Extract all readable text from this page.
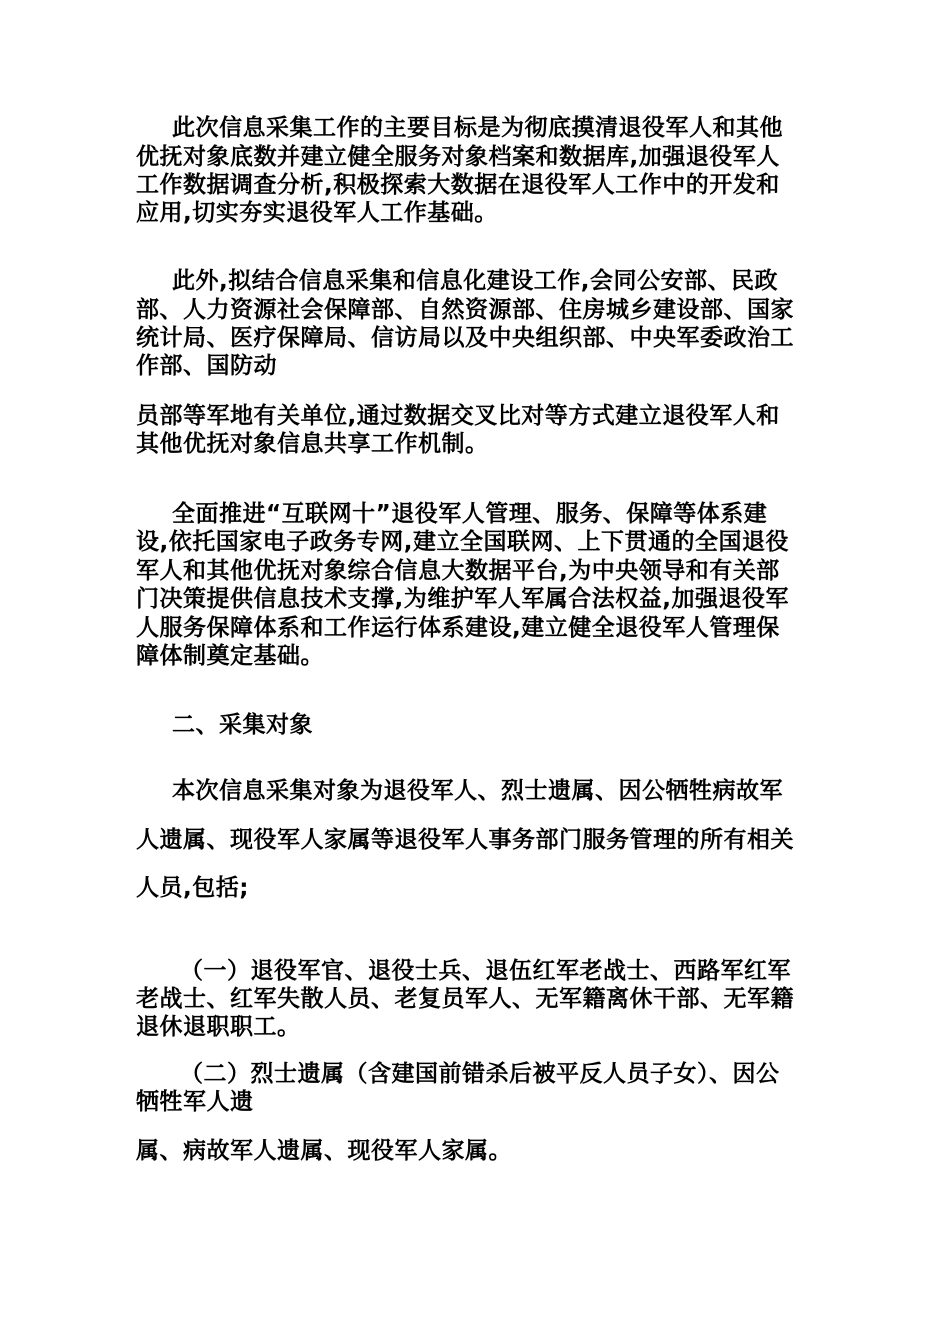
此次信息采集工作的主要目标是为彻底摸清退役军人和其他
优抚对象底数并建立健全服务对象档案和数据库,加强退役军人
工作数据调查分析,积极探索大数据在退役军人工作中的开发和
应用,切实夯实退役军人工作基础。
此外,拟结合信息采集和信息化建设工作,会同公安部、民政
部、人力资源社会保障部、自然资源部、住房城乡建设部、国家
统计局、医疗保障局、信访局以及中央组织部、中央军委政治工
作部、国防动
员部等军地有关单位,通过数据交叉比对等方式建立退役军人和
其他优抚对象信息共享工作机制。
全面推进“互联网十”退役军人管理、服务、保障等体系建
设,依托国家电子政务专网,建立全国联网、上下贯通的全国退役
军人和其他优抚对象综合信息大数据平台,为中央领导和有关部
门决策提供信息技术支撑,为维护军人军属合法权益,加强退役军
人服务保障体系和工作运行体系建设,建立健全退役军人管理保
障体制奠定基础。
二、采集对象
本次信息采集对象为退役军人、烈士遗属、因公牺牲病故军
人遗属、现役军人家属等退役军人事务部门服务管理的所有相关
人员,包括;
（一）退役军官、退役士兵、退伍红军老战士、西路军红军
老战士、红军失散人员、老复员军人、无军籍离休干部、无军籍
退休退职职工。
（二）烈士遗属（含建国前错杀后被平反人员子女）、因公
牺牲军人遗
属、病故军人遗属、现役军人家属。
